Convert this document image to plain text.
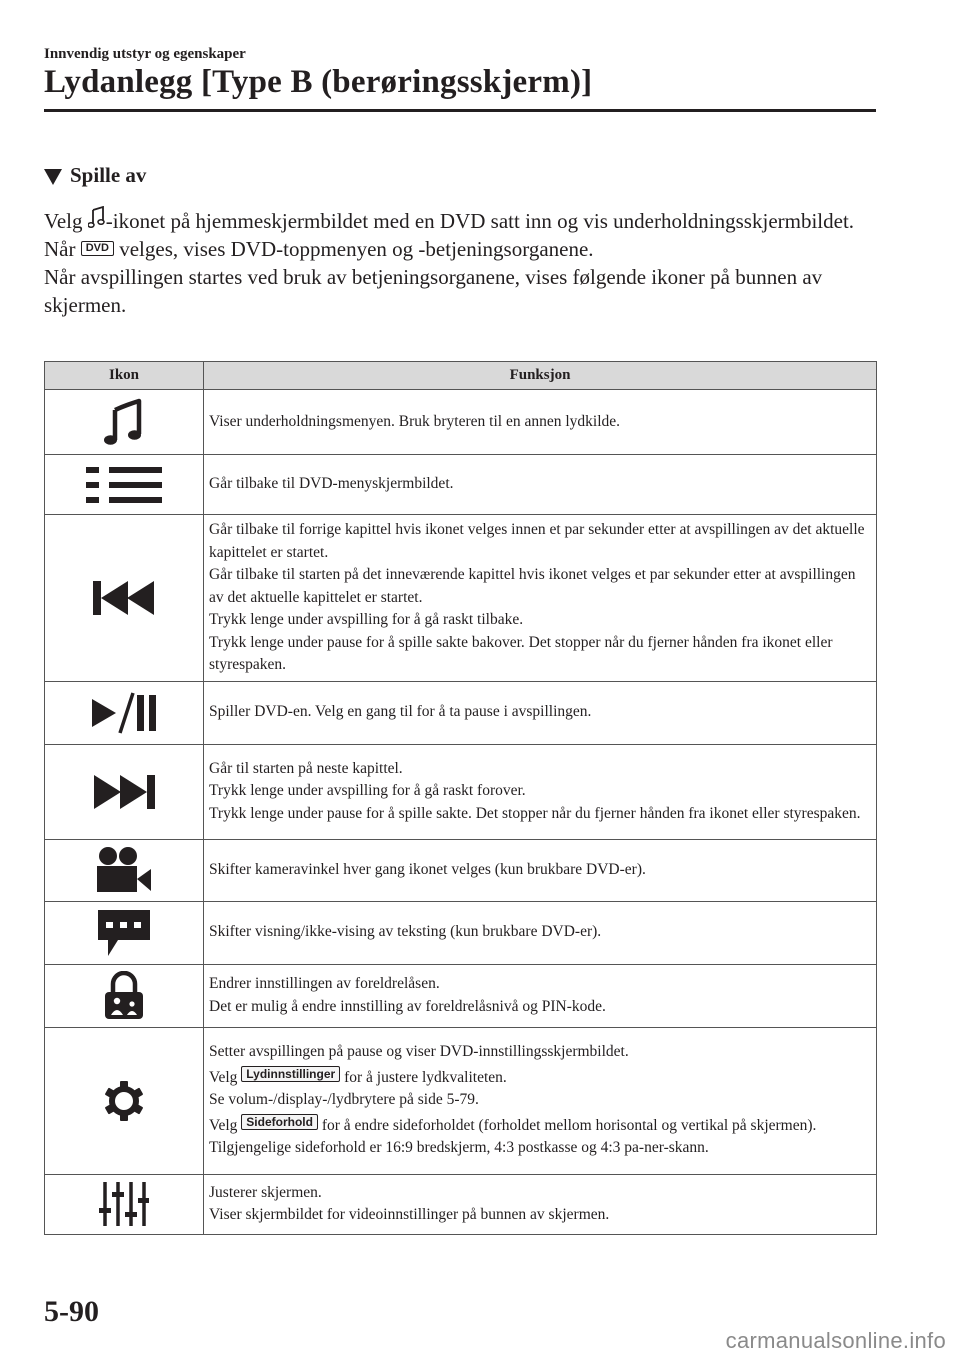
Innvendig utstyr og egenskaper
Lydanlegg [Type B (berøringsskjerm)]
Spille av

Velg -ikonet på hjemmeskjermbildet med en DVD satt inn og vis underholdningsskjermbildet. Når DVD velges, vises DVD-toppmenyen og -betjeningsorganene.

Når avspillingen startes ved bruk av betjeningsorganene, vises følgende ikoner på bunnen av skjermen.

Ikon	Funksjon

Viser underholdningsmenyen. Bruk bryteren til en annen lydkilde.

Går tilbake til DVD-menyskjermbildet.

Går tilbake til forrige kapittel hvis ikonet velges innen et par sekunder etter at avspillingen av det aktuelle kapittelet er startet.
Går tilbake til starten på det inneværende kapittel hvis ikonet velges et par sekunder etter at avspillingen av det aktuelle kapittelet er startet.
Trykk lenge under avspilling for å gå raskt tilbake.
Trykk lenge under pause for å spille sakte bakover. Det stopper når du fjerner hånden fra ikonet eller styrespaken.

Spiller DVD-en. Velg en gang til for å ta pause i avspillingen.

Går til starten på neste kapittel.
Trykk lenge under avspilling for å gå raskt forover.
Trykk lenge under pause for å spille sakte. Det stopper når du fjerner hånden fra ikonet eller styrespaken.

Skifter kameravinkel hver gang ikonet velges (kun brukbare DVD-er).

Skifter visning/ikke-vising av teksting (kun brukbare DVD-er).

Endrer innstillingen av foreldrelåsen.
Det er mulig å endre innstilling av foreldrelåsnivå og PIN-kode.

Setter avspillingen på pause og viser DVD-innstillingsskjermbildet.
Velg Lydinnstillinger for å justere lydkvaliteten.
Se volum-/display-/lydbrytere på side 5-79.
Velg Sideforhold for å endre sideforholdet (forholdet mellom horisontal og vertikal på skjermen). Tilgjengelige sideforhold er 16:9 bredskjerm, 4:3 postkasse og 4:3 pa-ner-skann.

Justerer skjermen.
Viser skjermbildet for videoinnstillinger på bunnen av skjermen.
5-90
carmanualsonline.info
